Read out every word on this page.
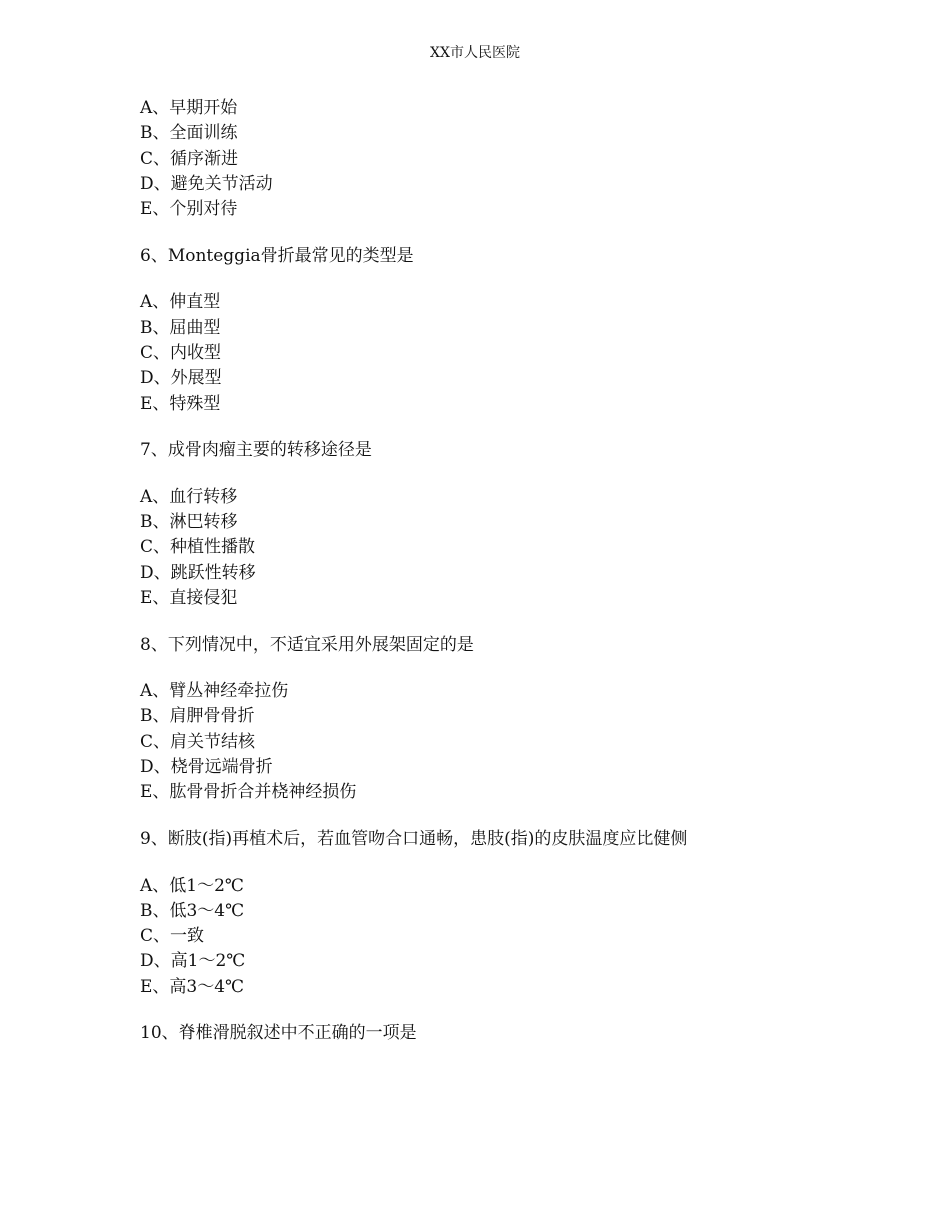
XX市人民医院
A、早期开始
B、全面训练
C、循序渐进
D、避免关节活动
E、个别对待
6、Monteggia骨折最常见的类型是
A、伸直型
B、屈曲型
C、内收型
D、外展型
E、特殊型
7、成骨肉瘤主要的转移途径是
A、血行转移
B、淋巴转移
C、种植性播散
D、跳跃性转移
E、直接侵犯
8、下列情况中，不适宜采用外展架固定的是
A、臂丛神经牵拉伤
B、肩胛骨骨折
C、肩关节结核
D、桡骨远端骨折
E、肱骨骨折合并桡神经损伤
9、断肢(指)再植术后，若血管吻合口通畅，患肢(指)的皮肤温度应比健侧
A、低1～2℃
B、低3～4℃
C、一致
D、高1～2℃
E、高3～4℃
10、脊椎滑脱叙述中不正确的一项是
